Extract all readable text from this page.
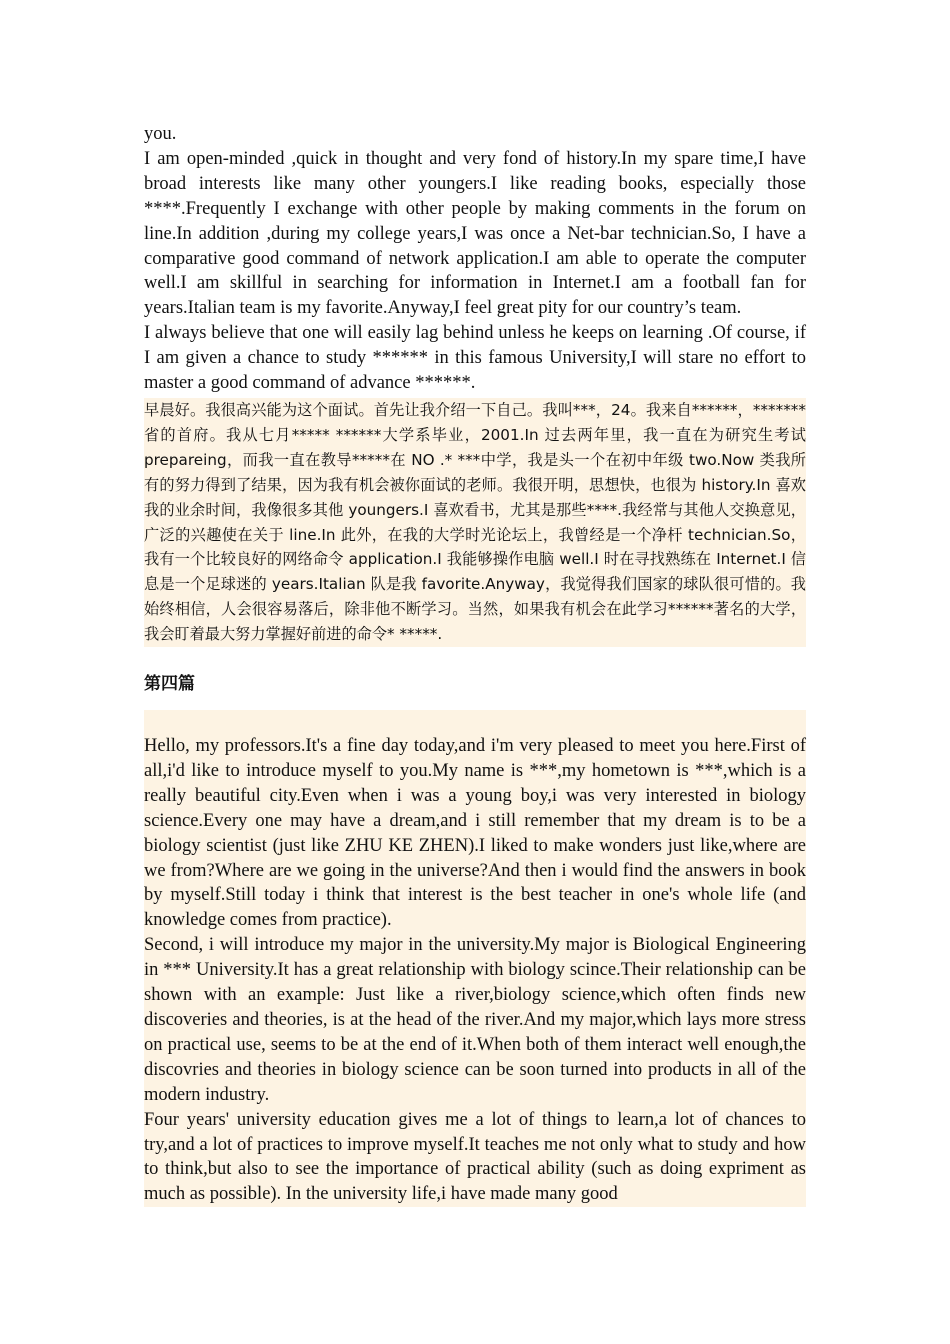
you.

I am open-minded ,quick in thought and very fond of history.In my spare time,I have broad interests like many other youngers.I like reading books, especially those ****.Frequently I exchange with other people by making comments in the forum on line.In addition ,during my college years,I was once a Net-bar technician.So, I have a comparative good command of network application.I am able to operate the computer well.I am skillful in searching for information in Internet.I am a football fan for years.Italian team is my favorite.Anyway,I feel great pity for our country’s team.

I always believe that one will easily lag behind unless he keeps on learning .Of course, if I am given a chance to study ****** in this famous University,I will stare no effort to master a good command of advance ******.

早晨好。我很高兴能为这个面试。首先让我介绍一下自己。我叫***，24。我来自******，*******省的首府。我从七月***** ******大学系毕业，2001.In 过去两年里，我一直在为研究生考试 prepareing，而我一直在教导*****在 NO .* ***中学，我是头一个在初中年级 two.Now 类我所有的努力得到了结果，因为我有机会被你面试的老师。我很开明，思想快，也很为 history.In 喜欢我的业余时间，我像很多其他 youngers.I 喜欢看书，尤其是那些****.我经常与其他人交换意见，广泛的兴趣使在关于 line.In 此外，在我的大学时光论坛上，我曾经是一个净杆 technician.So，我有一个比较良好的网络命令 application.I 我能够操作电脑 well.I 时在寻找熟练在 Internet.I 信息是一个足球迷的 years.Italian 队是我 favorite.Anyway，我觉得我们国家的球队很可惜的。我始终相信，人会很容易落后，除非他不断学习。当然，如果我有机会在此学习******著名的大学，我会盯着最大努力掌握好前进的命令* *****.

第四篇

Hello, my professors.It's a fine day today,and i'm very pleased to meet you here.First of all,i'd like to introduce myself to you.My name is ***,my hometown is ***,which is a really beautiful city.Even when i was a young boy,i was very interested in biology science.Every one may have a dream,and i still remember that my dream is to be a biology scientist (just like ZHU KE ZHEN).I liked to make wonders just like,where are we from?Where are we going in the universe?And then i would find the answers in book by myself.Still today i think that interest is the best teacher in one's whole life (and knowledge comes from practice).

Second, i will introduce my major in the university.My major is Biological Engineering in *** University.It has a great relationship with biology scince.Their relationship can be shown with an example: Just like a river,biology science,which often finds new discoveries and theories, is at the head of the river.And my major,which lays more stress on practical use, seems to be at the end of it.When both of them interact well enough,the discovries and theories in biology science can be soon turned into products in all of the modern industry.

Four years' university education gives me a lot of things to learn,a lot of chances to try,and a lot of practices to improve myself.It teaches me not only what to study and how to think,but also to see the importance of practical ability (such as doing expriment as much as possible). In the university life,i have made many good
